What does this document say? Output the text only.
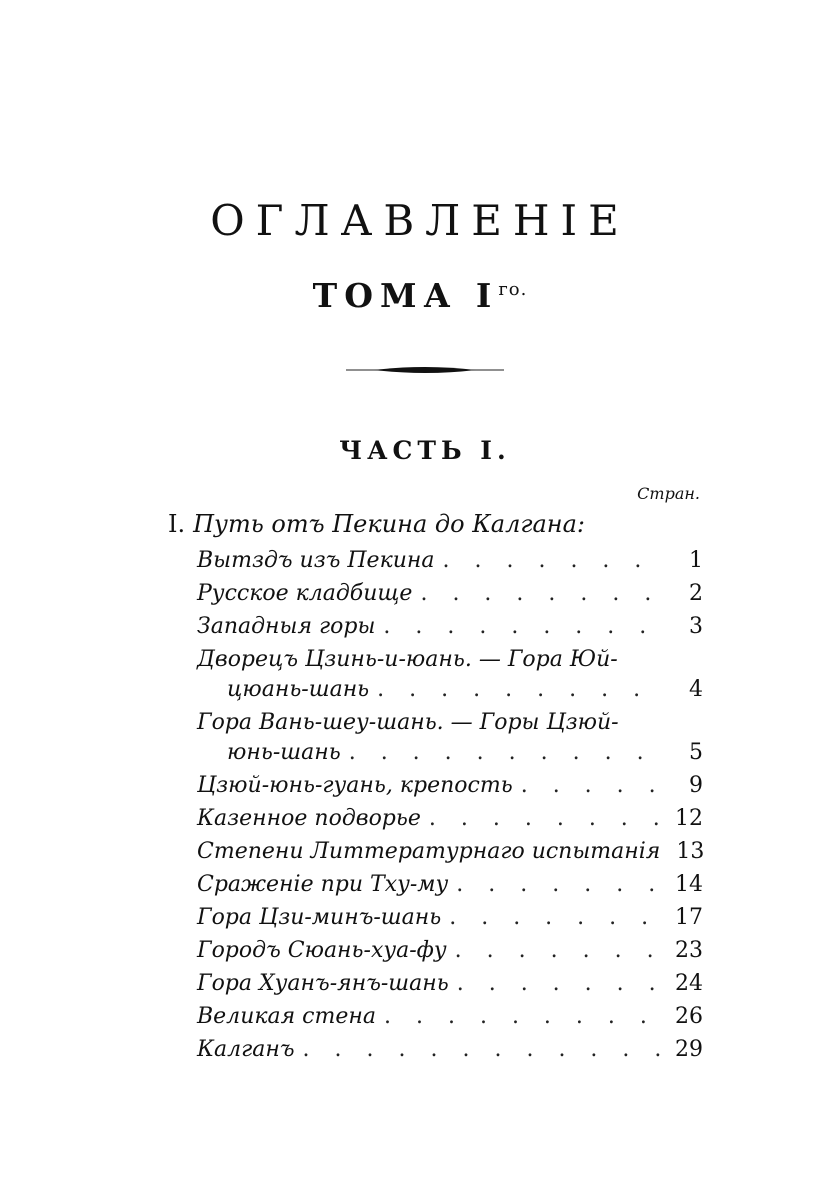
ОГЛАВЛЕНІЕ
ТОМА $I^{го.}$
ЧАСТЬ I.
Стран.
I. Путь отъ Пекина до Калгана:
Вытздъ изъ Пекина . . .	1
Русское кладбище . . .	2
Западныя горы . . .	3
Дворецъ Цзинь-и-юань. — Гора Юй-
цюань-шань . . .	4
Гора Вань-шеу-шань. — Горы Цзюй-
юнь-шань . . .	5
Цзюй-юнь-гуань, крепость . . .	9
Казенное подворье . . .	12
Степени Литтературнаго испытанія 13
Сраженіе при Тху-му . . .	14
Гора Цзи-минъ-шань . . .	17
Городъ Сюань-хуа-фу . . .	23
Гора Хуанъ-янъ-шань . . .	24
Великая стена . . .	26
Калганъ . . .	29
